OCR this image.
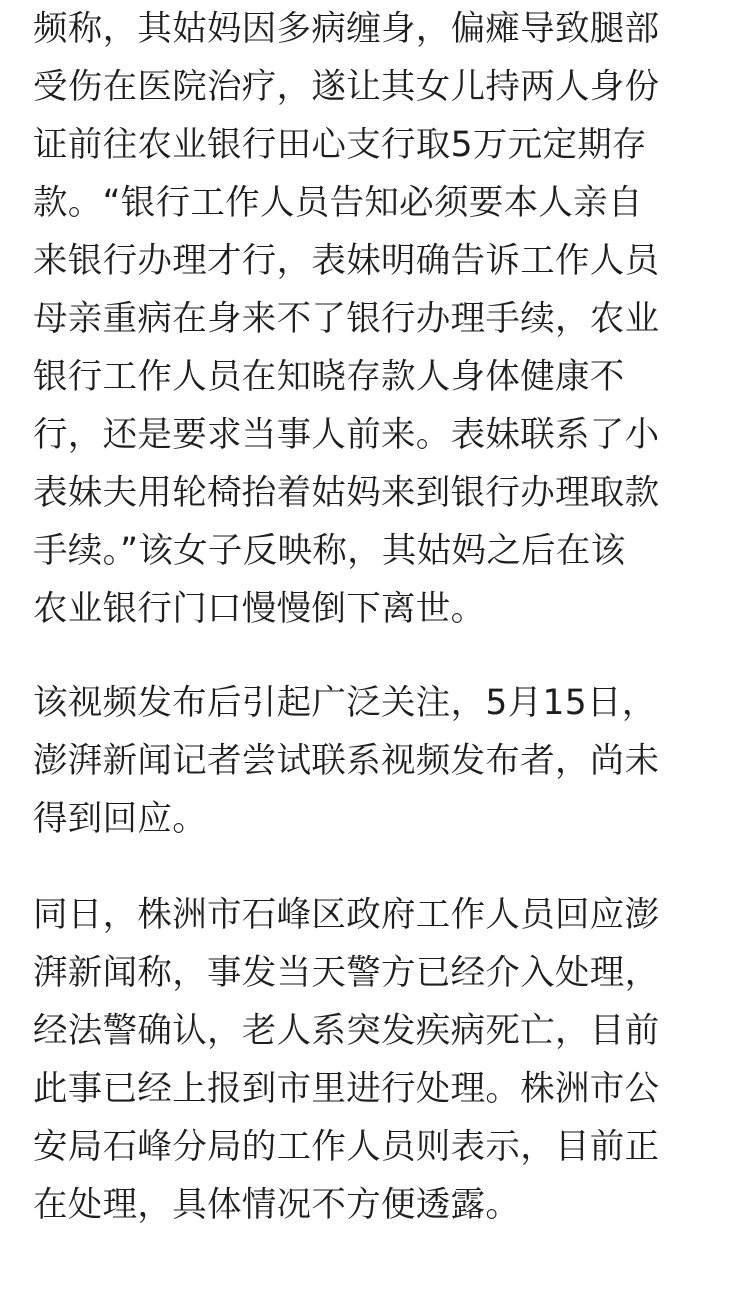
频称，其姑妈因多病缠身，偏瘫导致腿部
受伤在医院治疗，遂让其女儿持两人身份
证前往农业银行田心支行取5万元定期存
款。“银行工作人员告知必须要本人亲自
来银行办理才行，表妹明确告诉工作人员
母亲重病在身来不了银行办理手续，农业
银行工作人员在知晓存款人身体健康不
行，还是要求当事人前来。表妹联系了小
表妹夫用轮椅抬着姑妈来到银行办理取款
手续。”该女子反映称，其姑妈之后在该
农业银行门口慢慢倒下离世。
该视频发布后引起广泛关注，5月15日，
澎湃新闻记者尝试联系视频发布者，尚未
得到回应。
同日，株洲市石峰区政府工作人员回应澎
湃新闻称，事发当天警方已经介入处理，
经法警确认，老人系突发疾病死亡，目前
此事已经上报到市里进行处理。株洲市公
安局石峰分局的工作人员则表示，目前正
在处理，具体情况不方便透露。
